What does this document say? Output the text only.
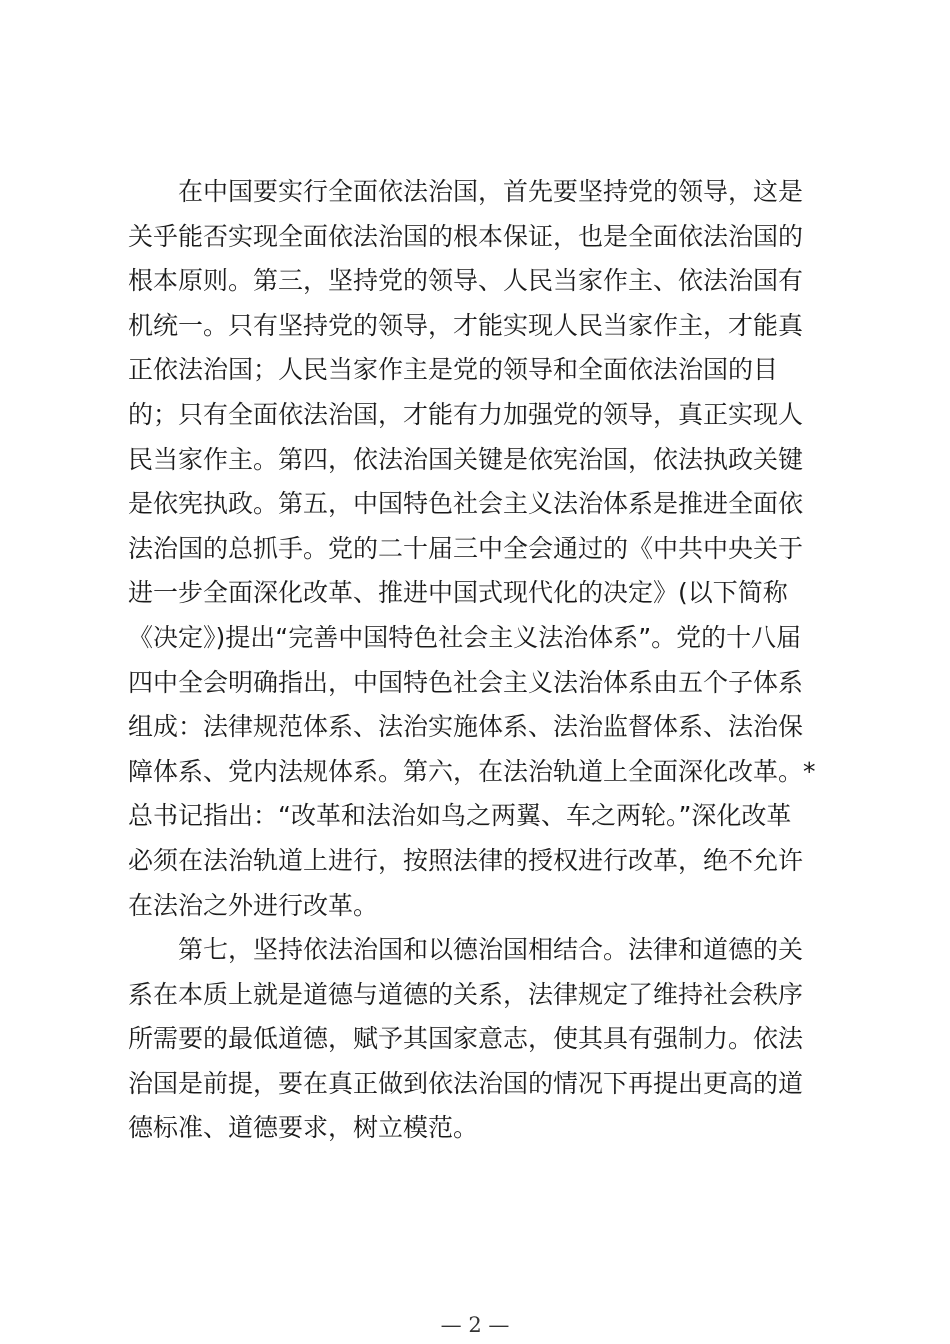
　　在中国要实行全面依法治国，首先要坚持党的领导，这是
关乎能否实现全面依法治国的根本保证，也是全面依法治国的
根本原则。第三，坚持党的领导、人民当家作主、依法治国有
机统一。只有坚持党的领导，才能实现人民当家作主，才能真
正依法治国；人民当家作主是党的领导和全面依法治国的目
的；只有全面依法治国，才能有力加强党的领导，真正实现人
民当家作主。第四，依法治国关键是依宪治国，依法执政关键
是依宪执政。第五，中国特色社会主义法治体系是推进全面依
法治国的总抓手。党的二十届三中全会通过的《中共中央关于
进一步全面深化改革、推进中国式现代化的决定》(以下简称
《决定》)提出“完善中国特色社会主义法治体系”。党的十八届
四中全会明确指出，中国特色社会主义法治体系由五个子体系
组成：法律规范体系、法治实施体系、法治监督体系、法治保
障体系、党内法规体系。第六，在法治轨道上全面深化改革。*
总书记指出：“改革和法治如鸟之两翼、车之两轮。”深化改革
必须在法治轨道上进行，按照法律的授权进行改革，绝不允许
在法治之外进行改革。
　　第七，坚持依法治国和以德治国相结合。法律和道德的关
系在本质上就是道德与道德的关系，法律规定了维持社会秩序
所需要的最低道德，赋予其国家意志，使其具有强制力。依法
治国是前提，要在真正做到依法治国的情况下再提出更高的道
德标准、道德要求，树立模范。
— 2 —
